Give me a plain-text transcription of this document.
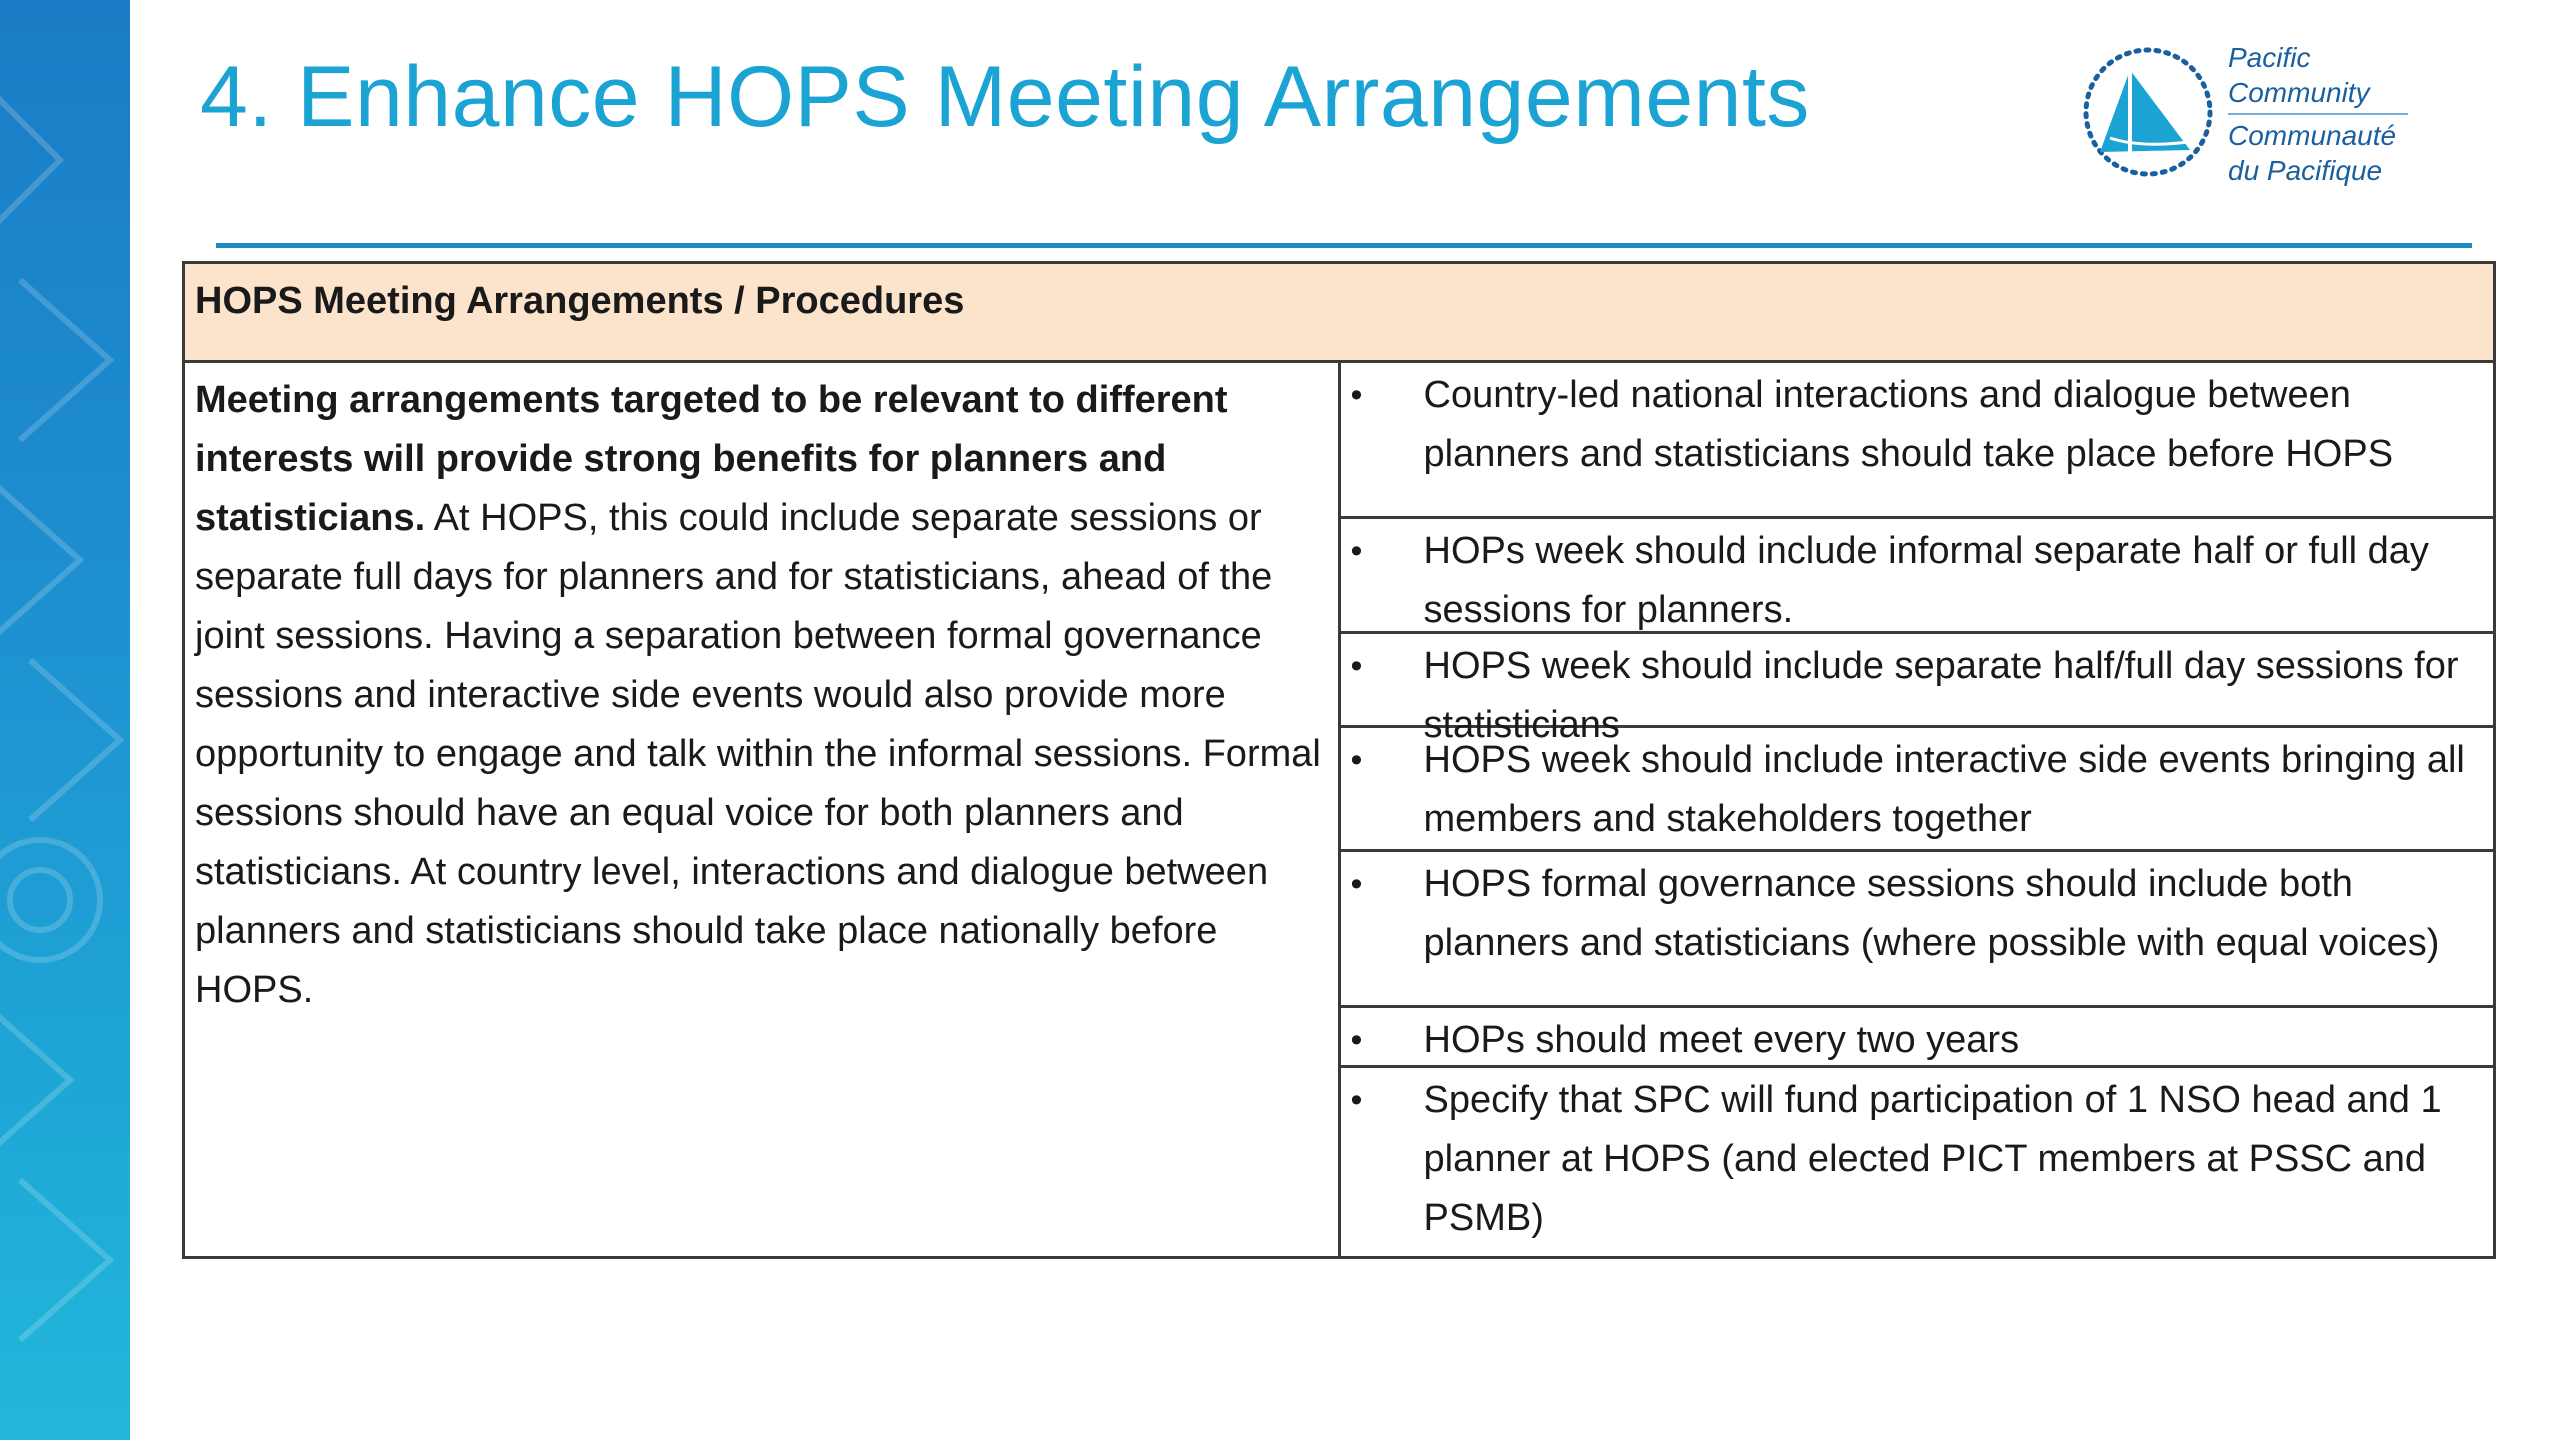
4. Enhance HOPS Meeting Arrangements	Pacific
Community
Communauté
du Pacifique
HOPS Meeting Arrangements / Procedures
Meeting arrangements targeted to be relevant to different interests will provide strong benefits for planners and statisticians. At HOPS, this could include separate sessions or separate full days for planners and for statisticians, ahead of the joint sessions. Having a separation between formal governance sessions and interactive side events would also provide more opportunity to engage and talk within the informal sessions. Formal sessions should have an equal voice for both planners and statisticians. At country level, interactions and dialogue between planners and statisticians should take place nationally before HOPS.	
•	Country-led national interactions and dialogue between planners and statisticians should take place before HOPS
•	HOPs week should include informal separate half or full day sessions for planners.
•	HOPS week should include separate half/full day sessions for statisticians
•	HOPS week should include interactive side events bringing all members and stakeholders together
•	HOPS formal governance sessions should include both planners and statisticians (where possible with equal voices)
•	HOPs should meet every two years
•	Specify that SPC will fund participation of 1 NSO head and 1 planner at HOPS (and elected PICT members at PSSC and PSMB)
